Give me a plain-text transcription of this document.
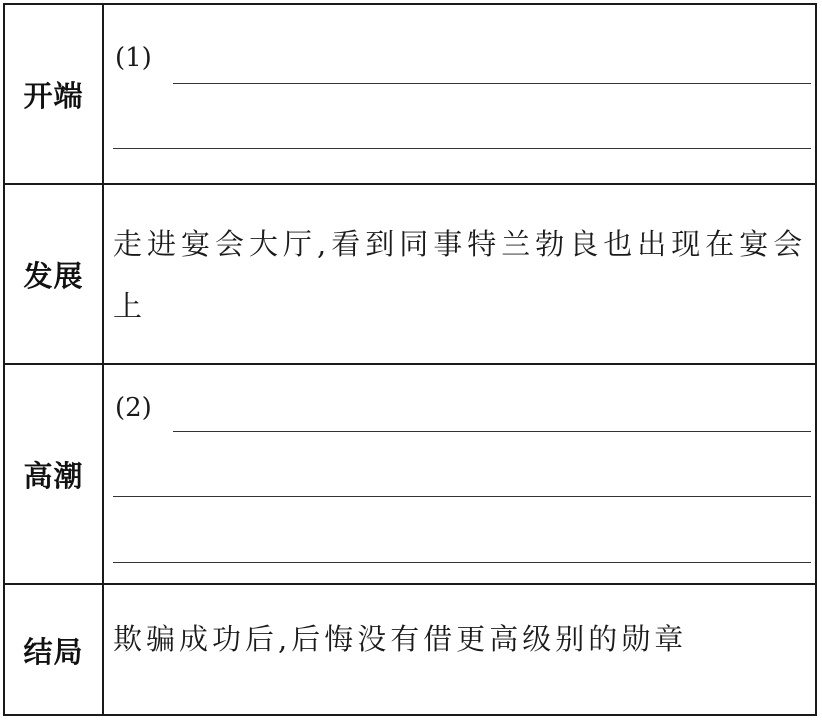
开端
(1)
发展
走进宴会大厅,看到同事特兰勃良也出现在宴会上
高潮
(2)
结局	欺骗成功后,后悔没有借更高级别的勋章
